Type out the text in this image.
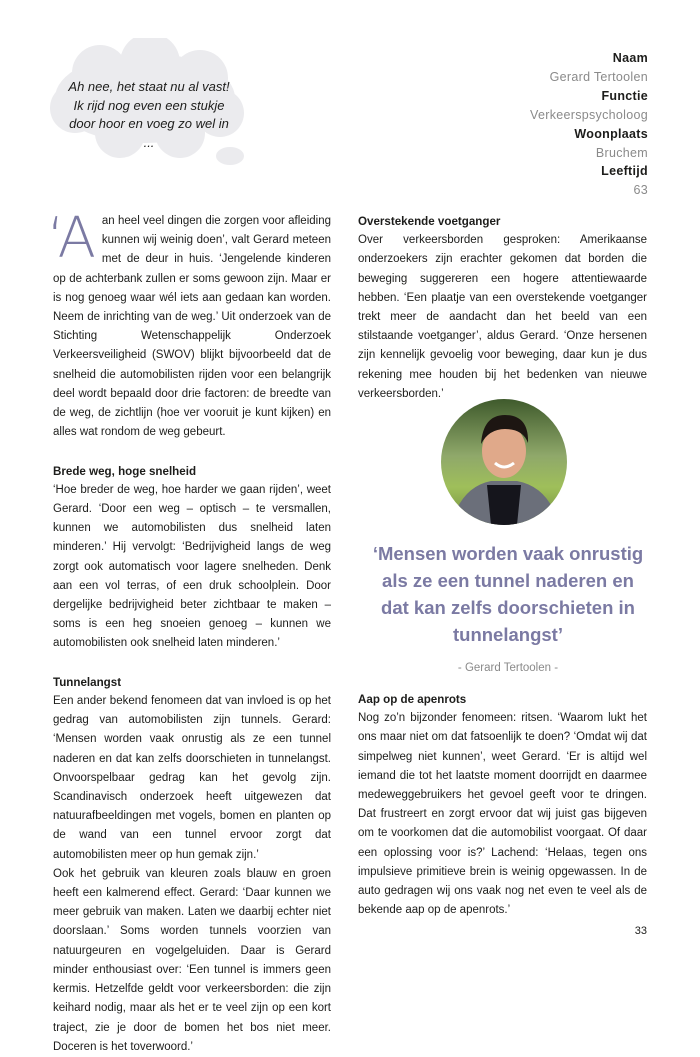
Ah nee, het staat nu al vast! Ik rijd nog even een stukje door hoor en voeg zo wel in ...
Naam
Gerard Tertoolen
Functie
Verkeerspsycholoog
Woonplaats
Bruchem
Leeftijd
63

‘A an heel veel dingen die zorgen voor afleiding kunnen wij weinig doen’, valt Gerard meteen met de deur in huis. ‘Jengelende kinderen op de achterbank zullen er soms gewoon zijn. Maar er is nog genoeg waar wél iets aan gedaan kan worden. Neem de inrichting van de weg.’ Uit onderzoek van de Stichting Wetenschappelijk Onderzoek Verkeersveiligheid (SWOV) blijkt bijvoorbeeld dat de snelheid die automobilisten rijden voor een belangrijk deel wordt bepaald door drie factoren: de breedte van de weg, de zichtlijn (hoe ver vooruit je kunt kijken) en alles wat rondom de weg gebeurt.

Brede weg, hoge snelheid

‘Hoe breder de weg, hoe harder we gaan rijden’, weet Gerard. ‘Door een weg – optisch – te versmallen, kunnen we automobilisten dus snelheid laten minderen.’ Hij vervolgt: ‘Bedrijvigheid langs de weg zorgt ook automatisch voor lagere snelheden. Denk aan een vol terras, of een druk schoolplein. Door dergelijke bedrijvigheid beter zichtbaar te maken – soms is een heg snoeien genoeg – kunnen we automobilisten ook snelheid laten minderen.’

Tunnelangst

Een ander bekend fenomeen dat van invloed is op het gedrag van automobilisten zijn tunnels. Gerard: ‘Mensen worden vaak onrustig als ze een tunnel naderen en dat kan zelfs doorschieten in tunnelangst. Onvoorspelbaar gedrag kan het gevolg zijn. Scandinavisch onderzoek heeft uitgewezen dat natuurafbeeldingen met vogels, bomen en planten op de wand van een tunnel ervoor zorgt dat automobilisten meer op hun gemak zijn.’

Ook het gebruik van kleuren zoals blauw en groen heeft een kalmerend effect. Gerard: ‘Daar kunnen we meer gebruik van maken. Laten we daarbij echter niet doorslaan.’ Soms worden tunnels voorzien van natuurgeuren en vogelgeluiden. Daar is Gerard minder enthousiast over: ‘Een tunnel is immers geen kermis. Hetzelfde geldt voor verkeersborden: die zijn keihard nodig, maar als het er te veel zijn op een kort traject, zie je door de bomen het bos niet meer. Doceren is het toverwoord.’

Overstekende voetganger

Over verkeersborden gesproken: Amerikaanse onderzoekers zijn erachter gekomen dat borden die beweging suggereren een hogere attentiewaarde hebben. ‘Een plaatje van een overstekende voetganger trekt meer de aandacht dan het beeld van een stilstaande voetganger’, aldus Gerard. ‘Onze hersenen zijn kennelijk gevoelig voor beweging, daar kun je dus rekening mee houden bij het bedenken van nieuwe verkeersborden.’

‘Mensen worden vaak onrustig als ze een tunnel naderen en dat kan zelfs doorschieten in tunnelangst’
- Gerard Tertoolen -
Aap op de apenrots

Nog zo’n bijzonder fenomeen: ritsen. ‘Waarom lukt het ons maar niet om dat fatsoenlijk te doen? ‘Omdat wij dat simpelweg niet kunnen’, weet Gerard. ‘Er is altijd wel iemand die tot het laatste moment doorrijdt en daarmee medeweggebruikers het gevoel geeft voor te dringen. Dat frustreert en zorgt ervoor dat wij juist gas bijgeven om te voorkomen dat die automobilist voorgaat. Of daar een oplossing voor is?’ Lachend: ‘Helaas, tegen ons impulsieve primitieve brein is weinig opgewassen. In de auto gedragen wij ons vaak nog net even te veel als de bekende aap op de apenrots.’

33
